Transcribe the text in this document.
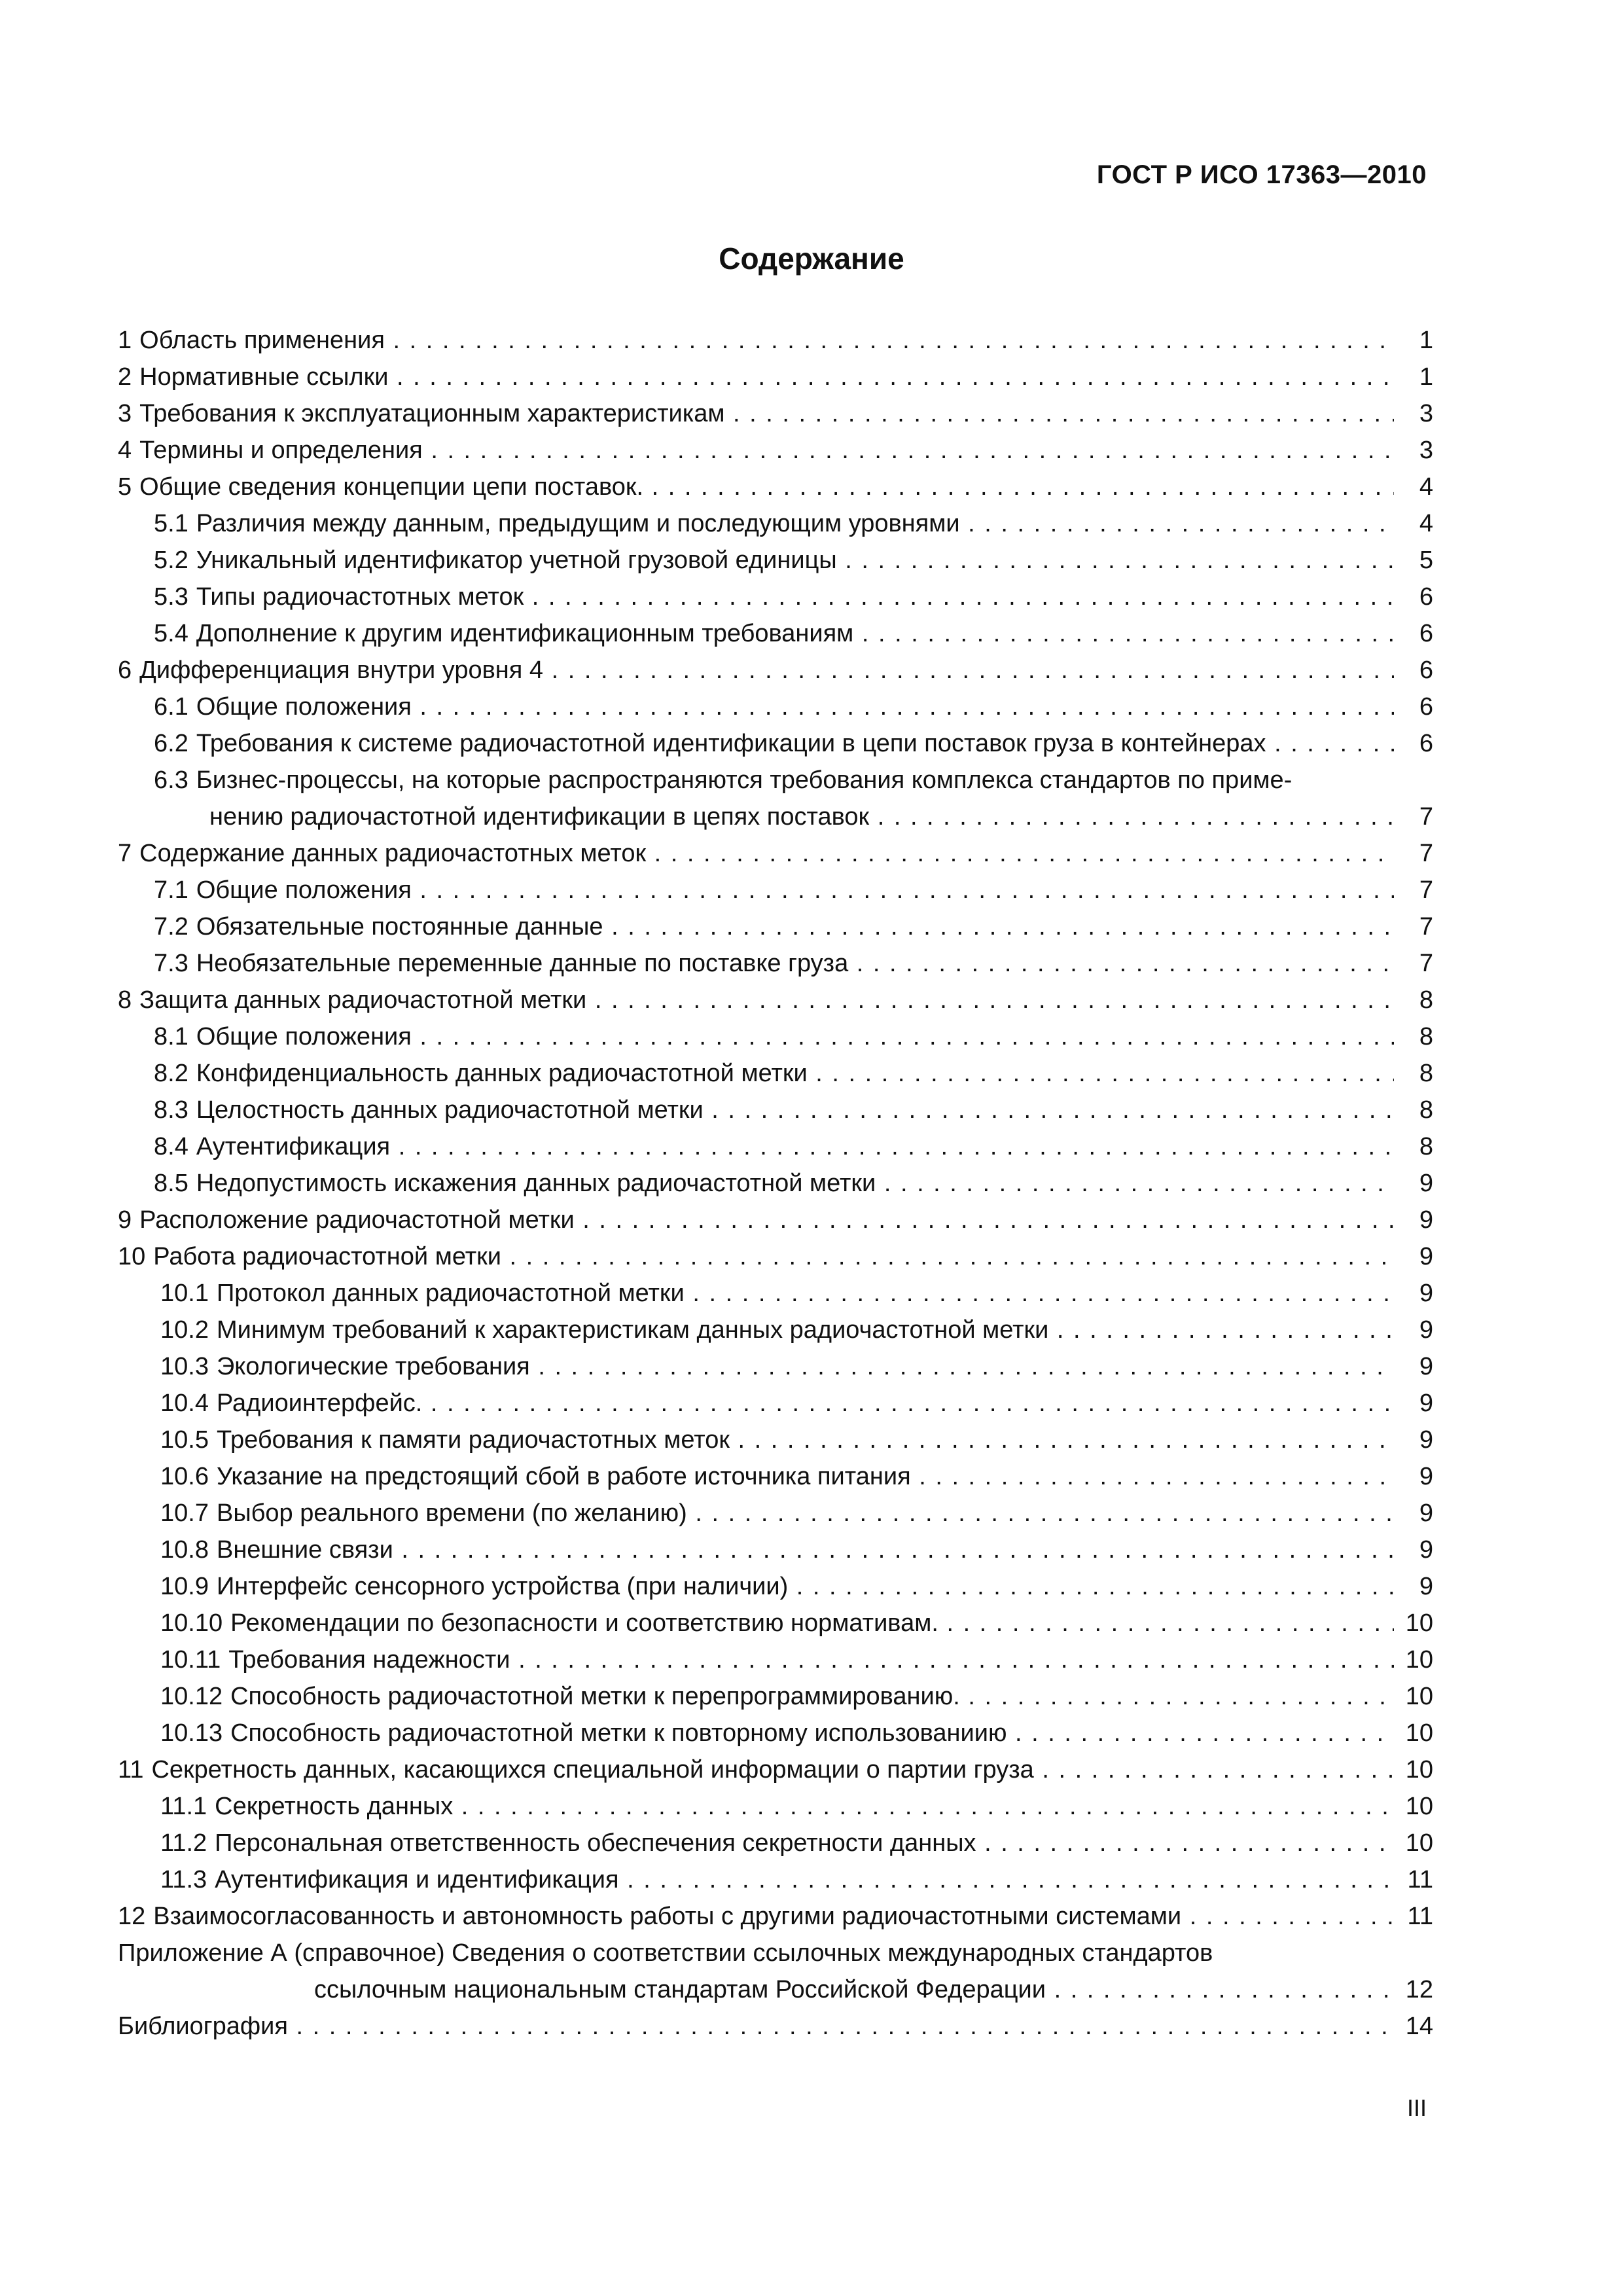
ГОСТ Р ИСО 17363—2010
Содержание
1 Область применения . . .	1
2 Нормативные ссылки . . .	1
3 Требования к эксплуатационным характеристикам . . .	3
4 Термины и определения . . .	3
5 Общие сведения концепции цепи поставок. . . .	4
5.1 Различия между данным, предыдущим и последующим уровнями . . .	4
5.2 Уникальный идентификатор учетной грузовой единицы . . .	5
5.3 Типы радиочастотных меток . . .	6
5.4 Дополнение к другим идентификационным требованиям . . .	6
6 Дифференциация внутри уровня 4 . . .	6
6.1 Общие положения . . .	6
6.2 Требования к системе радиочастотной идентификации в цепи поставок груза в контейнерах . . .	6
6.3 Бизнес-процессы, на которые распространяются требования комплекса стандартов по приме-
нению радиочастотной идентификации в цепях поставок . . .	7
7 Содержание данных радиочастотных меток . . .	7
7.1 Общие положения . . .	7
7.2 Обязательные постоянные данные . . .	7
7.3 Необязательные переменные данные по поставке груза . . .	7
8 Защита данных радиочастотной метки . . .	8
8.1 Общие положения . . .	8
8.2 Конфиденциальность данных радиочастотной метки . . .	8
8.3 Целостность данных радиочастотной метки . . .	8
8.4 Аутентификация . . .	8
8.5 Недопустимость искажения данных радиочастотной метки . . .	9
9 Расположение радиочастотной метки . . .	9
10 Работа радиочастотной метки . . .	9
10.1 Протокол данных радиочастотной метки . . .	9
10.2 Минимум требований к характеристикам данных радиочастотной метки . . .	9
10.3 Экологические требования . . .	9
10.4 Радиоинтерфейс. . . .	9
10.5 Требования к памяти радиочастотных меток . . .	9
10.6 Указание на предстоящий сбой в работе источника питания . . .	9
10.7 Выбор реального времени (по желанию) . . .	9
10.8 Внешние связи . . .	9
10.9 Интерфейс сенсорного устройства (при наличии) . . .	9
10.10 Рекомендации по безопасности и соответствию нормативам. . . .	10
10.11 Требования надежности . . .	10
10.12 Способность радиочастотной метки к перепрограммированию. . . .	10
10.13 Способность радиочастотной метки к повторному использованиию . . .	10
11 Секретность данных, касающихся специальной информации о партии груза . . .	10
11.1 Секретность данных . . .	10
11.2 Персональная ответственность обеспечения секретности данных . . .	10
11.3 Аутентификация и идентификация . . .	11
12 Взаимосогласованность и автономность работы с другими радиочастотными системами . . .	11
Приложение А (справочное) Сведения о соответствии ссылочных международных стандартов
ссылочным национальным стандартам Российской Федерации . . .	12
Библиография . . .	14
III
